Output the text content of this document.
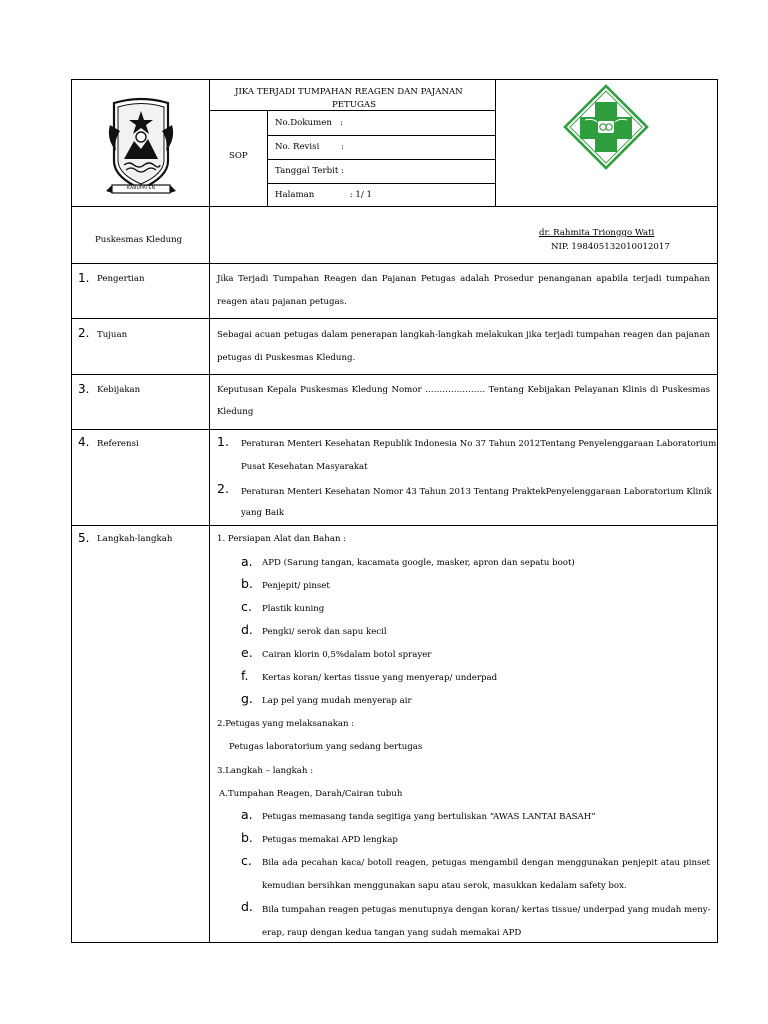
KABUPATEN
JIKA TERJADI TUMPAHAN REAGEN DAN PAJANAN
PETUGAS
SOP
No.Dokumen   :
No. Revisi        :
Tanggal Terbit :
Halaman             : 1/ 1
Puskesmas Kledung
dr. Rahmita Trionggo Wati
NIP. 198405132010012017
1. Pengertian	Jika Terjadi Tumpahan Reagen dan Pajanan Petugas adalah Prosedur penanganan apabila terjadi tumpahan
reagen atau pajanan petugas.
2. Tujuan	Sebagai acuan petugas dalam penerapan langkah-langkah melakukan jika terjadi tumpahan reagen dan pajanan
petugas di Puskesmas Kledung.
3. Kebijakan	Keputusan Kepala Puskesmas Kledung Nomor ………………… Tentang Kebijakan Pelayanan Klinis di Puskesmas
Kledung
4. Referensi	1. Peraturan Menteri Kesehatan Republik Indonesia No 37 Tahun 2012Tentang Penyelenggaraan Laboratorium
Pusat Kesehatan Masyarakat
2. Peraturan Menteri Kesehatan Nomor 43 Tahun 2013 Tentang PraktekPenyelenggaraan Laboratorium Klinik
yang Baik
5. Langkah-langkah	1. Persiapan Alat dan Bahan :
a. APD (Sarung tangan, kacamata google, masker, apron dan sepatu boot)
b. Penjepit/ pinset
c. Plastik kuning
d. Pengki/ serok dan sapu kecil
e. Cairan klorin 0,5%dalam botol sprayer
f. Kertas koran/ kertas tissue yang menyerap/ underpad
g. Lap pel yang mudah menyerap air
2.Petugas yang melaksanakan :
Petugas laboratorium yang sedang bertugas
3.Langkah – langkah :
A.Tumpahan Reagen, Darah/Cairan tubuh
a. Petugas memasang tanda segitiga yang bertuliskan “AWAS LANTAI BASAH”
b. Petugas memakai APD lengkap
c. Bila ada pecahan kaca/ botoll reagen, petugas mengambil dengan menggunakan penjepit atau pinset
kemudian bersihkan menggunakan sapu atau serok, masukkan kedalam safety box.
d. Bila tumpahan reagen petugas menutupnya dengan koran/ kertas tissue/ underpad yang mudah meny-
erap, raup dengan kedua tangan yang sudah memakai APD
